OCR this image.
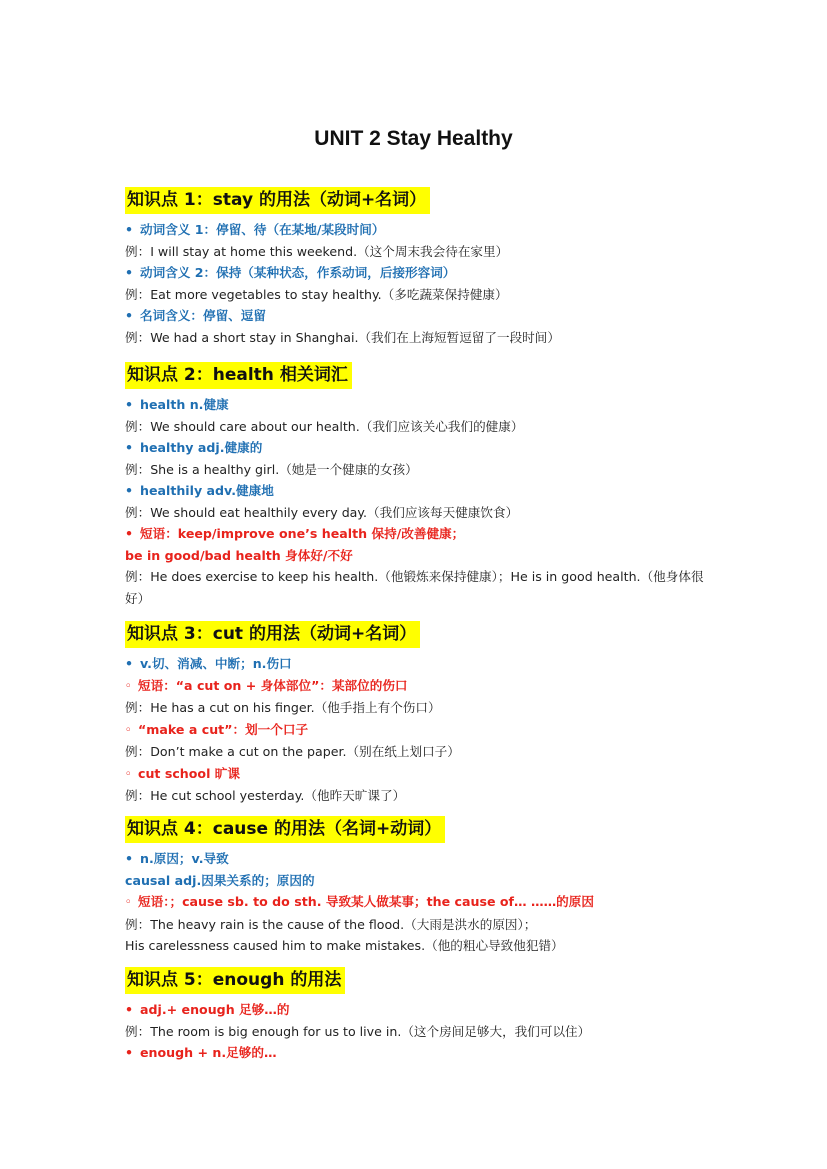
UNIT 2 Stay Healthy
知识点 1：stay 的用法（动词+名词）
• 动词含义 1：停留、待（在某地/某段时间）
例：I will stay at home this weekend.（这个周末我会待在家里）
• 动词含义 2：保持（某种状态，作系动词，后接形容词）
例：Eat more vegetables to stay healthy.（多吃蔬菜保持健康）
• 名词含义：停留、逗留
例：We had a short stay in Shanghai.（我们在上海短暂逗留了一段时间）
知识点 2：health 相关词汇
• health n.健康
例：We should care about our health.（我们应该关心我们的健康）
• healthy adj.健康的
例：She is a healthy girl.（她是一个健康的女孩）
• healthily adv.健康地
例：We should eat healthily every day.（我们应该每天健康饮食）
• 短语：keep/improve one’s health 保持/改善健康；
be in good/bad health 身体好/不好
例：He does exercise to keep his health.（他锻炼来保持健康）；He is in good health.（他身体很好）
知识点 3：cut 的用法（动词+名词）
• v.切、消减、中断；n.伤口
◦ 短语：“a cut on + 身体部位”：某部位的伤口
例：He has a cut on his finger.（他手指上有个伤口）
◦ “make a cut”：划一个口子
例：Don’t make a cut on the paper.（别在纸上划口子）
◦ cut school 旷课
例：He cut school yesterday.（他昨天旷课了）
知识点 4：cause 的用法（名词+动词）
• n.原因；v.导致
causal adj.因果关系的；原因的
◦ 短语：；cause sb. to do sth. 导致某人做某事；the cause of… ……的原因
例：The heavy rain is the cause of the flood.（大雨是洪水的原因）；
His carelessness caused him to make mistakes.（他的粗心导致他犯错）
知识点 5：enough 的用法
• adj.+ enough 足够…的
例：The room is big enough for us to live in.（这个房间足够大，我们可以住）
• enough + n.足够的…
